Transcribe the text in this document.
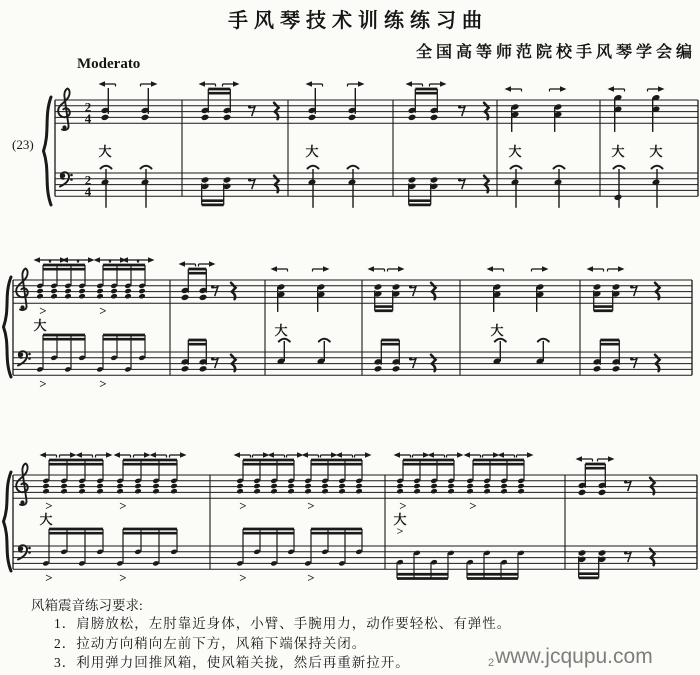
2
4
2
4
大	大	大	大 大
>
>
>
>
大	大	大
>
>
>
>
大
>
>
>
>
>	>
大
>
手风琴技术训练练习曲
全国高等师范院校手风琴学会编
Moderato
(23)
风箱震音练习要求:
1．肩膀放松，左肘靠近身体，小臂、手腕用力，动作要轻松、有弹性。
2．拉动方向稍向左前下方，风箱下端保持关闭。
3．利用弹力回推风箱，使风箱关拢，然后再重新拉开。	2www.jcqupu.com
